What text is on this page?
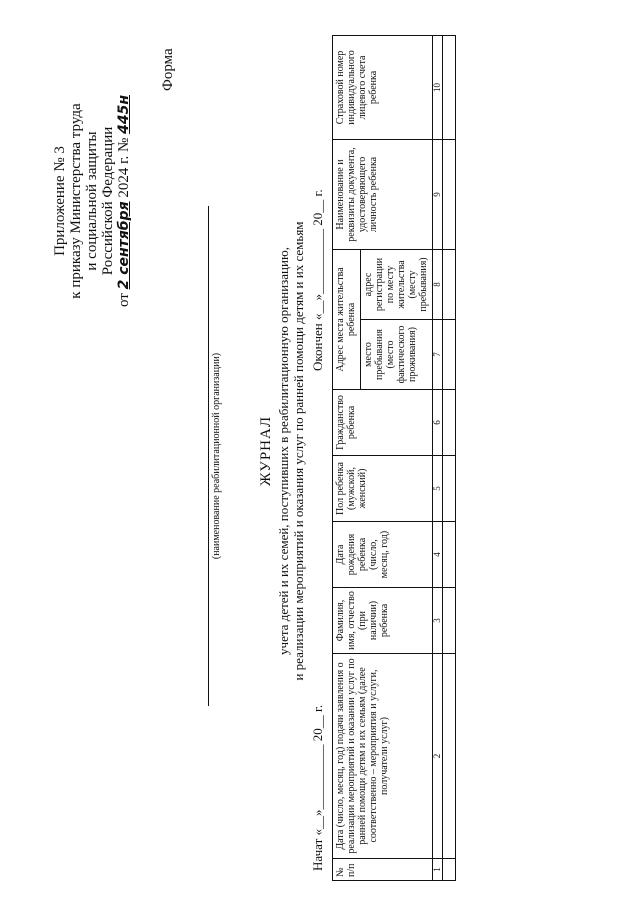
Приложение № 3 к приказу Министерства труда и социальной защиты Российской Федерации
от 2 сентября 2024 г. № 445н
Форма
(наименование реабилитационной организации) ЖУРНАЛ учета детей и их семей, поступивших в реабилитационную организацию, и реализации мероприятий и оказания услуг по ранней помощи детям и их семьям
Начат «__»__________ 20__ г.
Окончен «__»__________ 20__ г.
№ п/п	Дата (число, месяц, год) подачи заявления о реализации мероприятий и оказании услуг по ранней помощи детям и их семьям (далее соответственно – мероприятия и услуги, получатели услуг)	Фамилия, имя, отчество (при наличии) ребенка	Дата рождения ребенка (число, месяц, год)	Пол ребенка (мужской, женский)	Гражданство ребенка	Адрес места жительства ребенка		Наименование и реквизиты документа, удостоверяющего личность ребенка	Страховой номер индивидуального лицевого счета ребенка
						место пребывания (место фактического проживания)	адрес регистрации по месту жительства (месту пребывания)		
1	2	3	4	5	6	7	8	9	10
